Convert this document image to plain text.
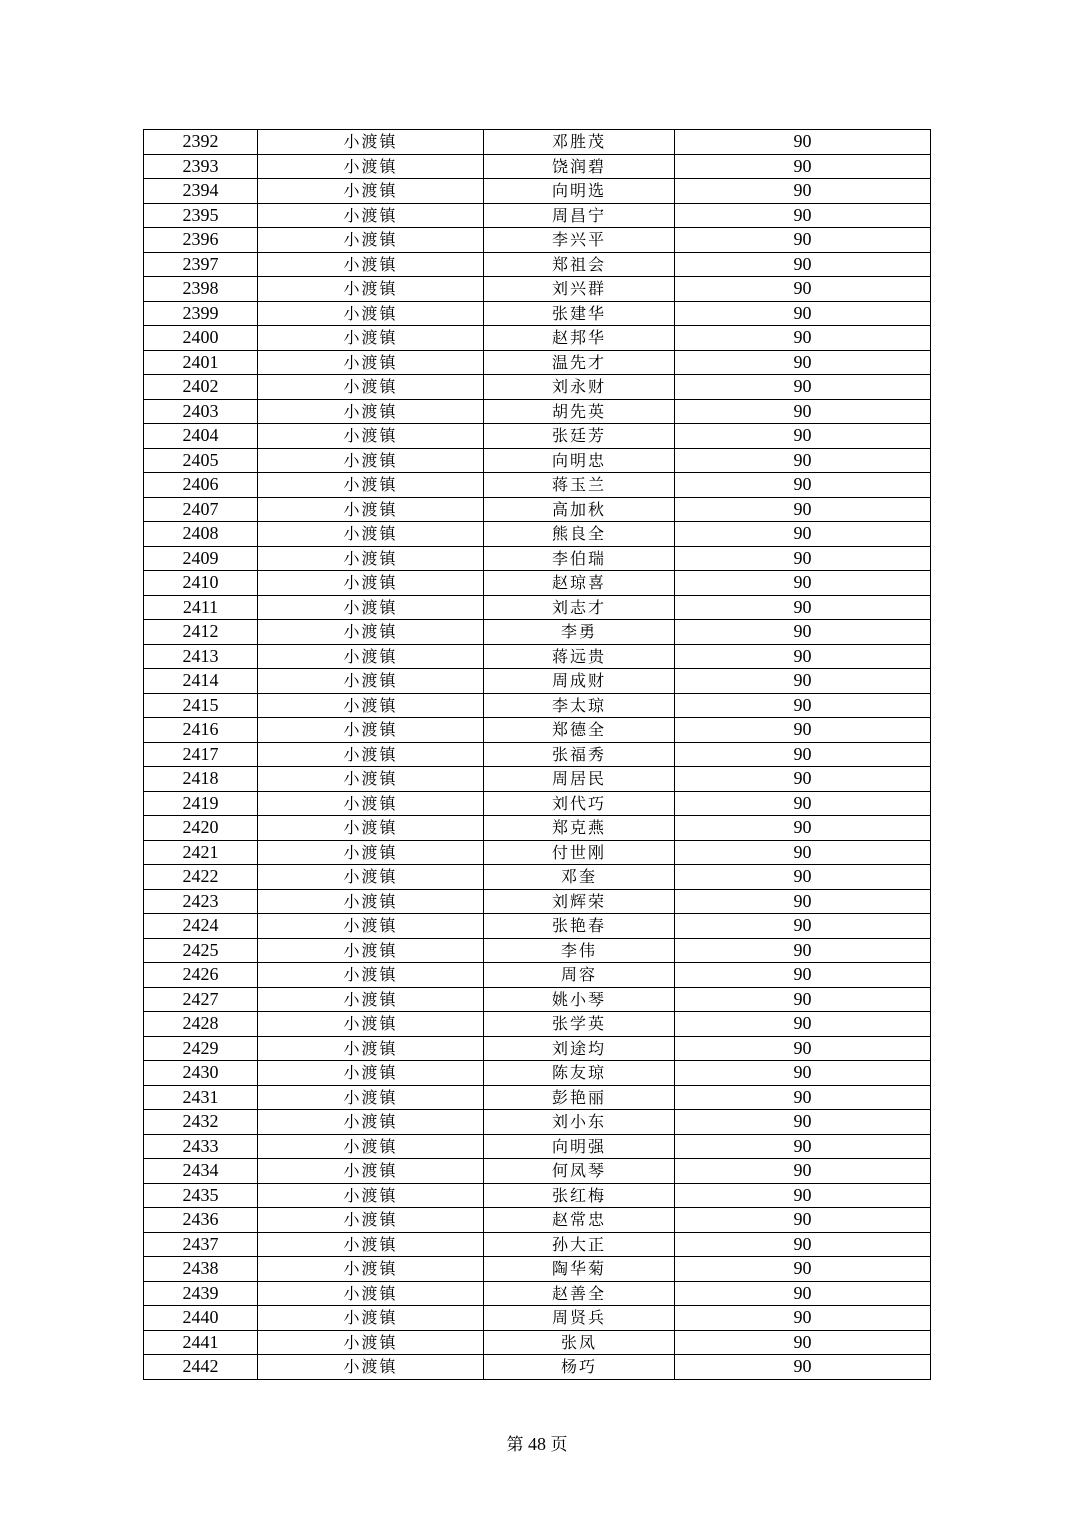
2392	小渡镇	邓胜茂	90
2393	小渡镇	饶润碧	90
2394	小渡镇	向明选	90
2395	小渡镇	周昌宁	90
2396	小渡镇	李兴平	90
2397	小渡镇	郑祖会	90
2398	小渡镇	刘兴群	90
2399	小渡镇	张建华	90
2400	小渡镇	赵邦华	90
2401	小渡镇	温先才	90
2402	小渡镇	刘永财	90
2403	小渡镇	胡先英	90
2404	小渡镇	张廷芳	90
2405	小渡镇	向明忠	90
2406	小渡镇	蒋玉兰	90
2407	小渡镇	高加秋	90
2408	小渡镇	熊良全	90
2409	小渡镇	李伯瑞	90
2410	小渡镇	赵琼喜	90
2411	小渡镇	刘志才	90
2412	小渡镇	李勇	90
2413	小渡镇	蒋远贵	90
2414	小渡镇	周成财	90
2415	小渡镇	李太琼	90
2416	小渡镇	郑德全	90
2417	小渡镇	张福秀	90
2418	小渡镇	周居民	90
2419	小渡镇	刘代巧	90
2420	小渡镇	郑克燕	90
2421	小渡镇	付世刚	90
2422	小渡镇	邓奎	90
2423	小渡镇	刘辉荣	90
2424	小渡镇	张艳春	90
2425	小渡镇	李伟	90
2426	小渡镇	周容	90
2427	小渡镇	姚小琴	90
2428	小渡镇	张学英	90
2429	小渡镇	刘途均	90
2430	小渡镇	陈友琼	90
2431	小渡镇	彭艳丽	90
2432	小渡镇	刘小东	90
2433	小渡镇	向明强	90
2434	小渡镇	何凤琴	90
2435	小渡镇	张红梅	90
2436	小渡镇	赵常忠	90
2437	小渡镇	孙大正	90
2438	小渡镇	陶华菊	90
2439	小渡镇	赵善全	90
2440	小渡镇	周贤兵	90
2441	小渡镇	张凤	90
2442	小渡镇	杨巧	90
第 48 页
